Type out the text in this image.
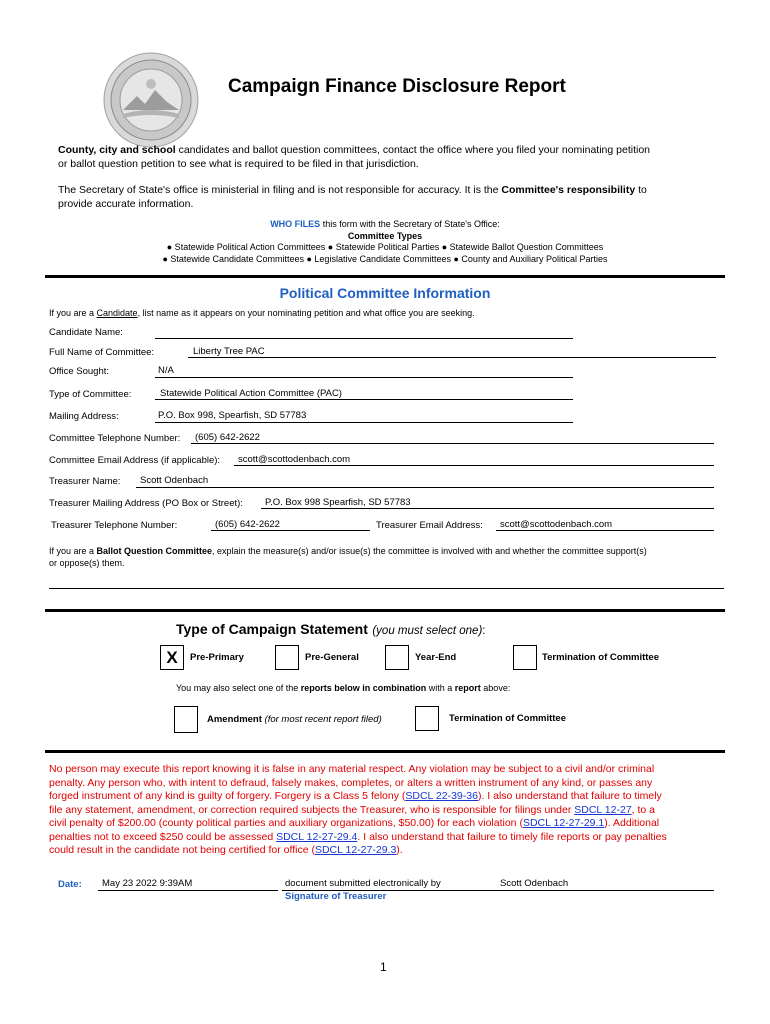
Campaign Finance Disclosure Report
County, city and school candidates and ballot question committees, contact the office where you filed your nominating petition
or ballot question petition to see what is required to be filed in that jurisdiction.
The Secretary of State's office is ministerial in filing and is not responsible for accuracy. It is the Committee's responsibility to
provide accurate information.
WHO FILES this form with the Secretary of State's Office:
Committee Types
● Statewide Political Action Committees ● Statewide Political Parties ● Statewide Ballot Question Committees
● Statewide Candidate Committees ● Legislative Candidate Committees ● County and Auxiliary Political Parties
Political Committee Information
If you are a Candidate, list name as it appears on your nominating petition and what office you are seeking.
Candidate Name:
Full Name of Committee:	Liberty Tree PAC
Office Sought:	N/A
Type of Committee:	Statewide Political Action Committee (PAC)
Mailing Address:	P.O. Box 998, Spearfish, SD 57783
Committee Telephone Number: (605) 642-2622
Committee Email Address (if applicable): scott@scottodenbach.com
Treasurer Name: Scott Odenbach
Treasurer Mailing Address (PO Box or Street): P.O. Box 998 Spearfish, SD 57783
Treasurer Telephone Number:	(605) 642-2622	Treasurer Email Address: scott@scottodenbach.com
If you are a Ballot Question Committee, explain the measure(s) and/or issue(s) the committee is involved with and whether the committee support(s)
or oppose(s) them.
Type of Campaign Statement (you must select one):
X	Pre-Primary	Pre-General	Year-End	Termination of Committee
You may also select one of the reports below in combination with a report above:
Amendment (for most recent report filed)	Termination of Committee
No person may execute this report knowing it is false in any material respect. Any violation may be subject to a civil and/or criminal
penalty. Any person who, with intent to defraud, falsely makes, completes, or alters a written instrument of any kind, or passes any
forged instrument of any kind is guilty of forgery. Forgery is a Class 5 felony (SDCL 22-39-36). I also understand that failure to timely
file any statement, amendment, or correction required subjects the Treasurer, who is responsible for filings under SDCL 12-27, to a
civil penalty of $200.00 (county political parties and auxiliary organizations, $50.00) for each violation (SDCL 12-27-29.1). Additional
penalties not to exceed $250 could be assessed SDCL 12-27-29.4. I also understand that failure to timely file reports or pay penalties
could result in the candidate not being certified for office (SDCL 12-27-29.3).
Date: May 23 2022 9:39AM	document submitted electronically by	Scott Odenbach
Signature of Treasurer
1
